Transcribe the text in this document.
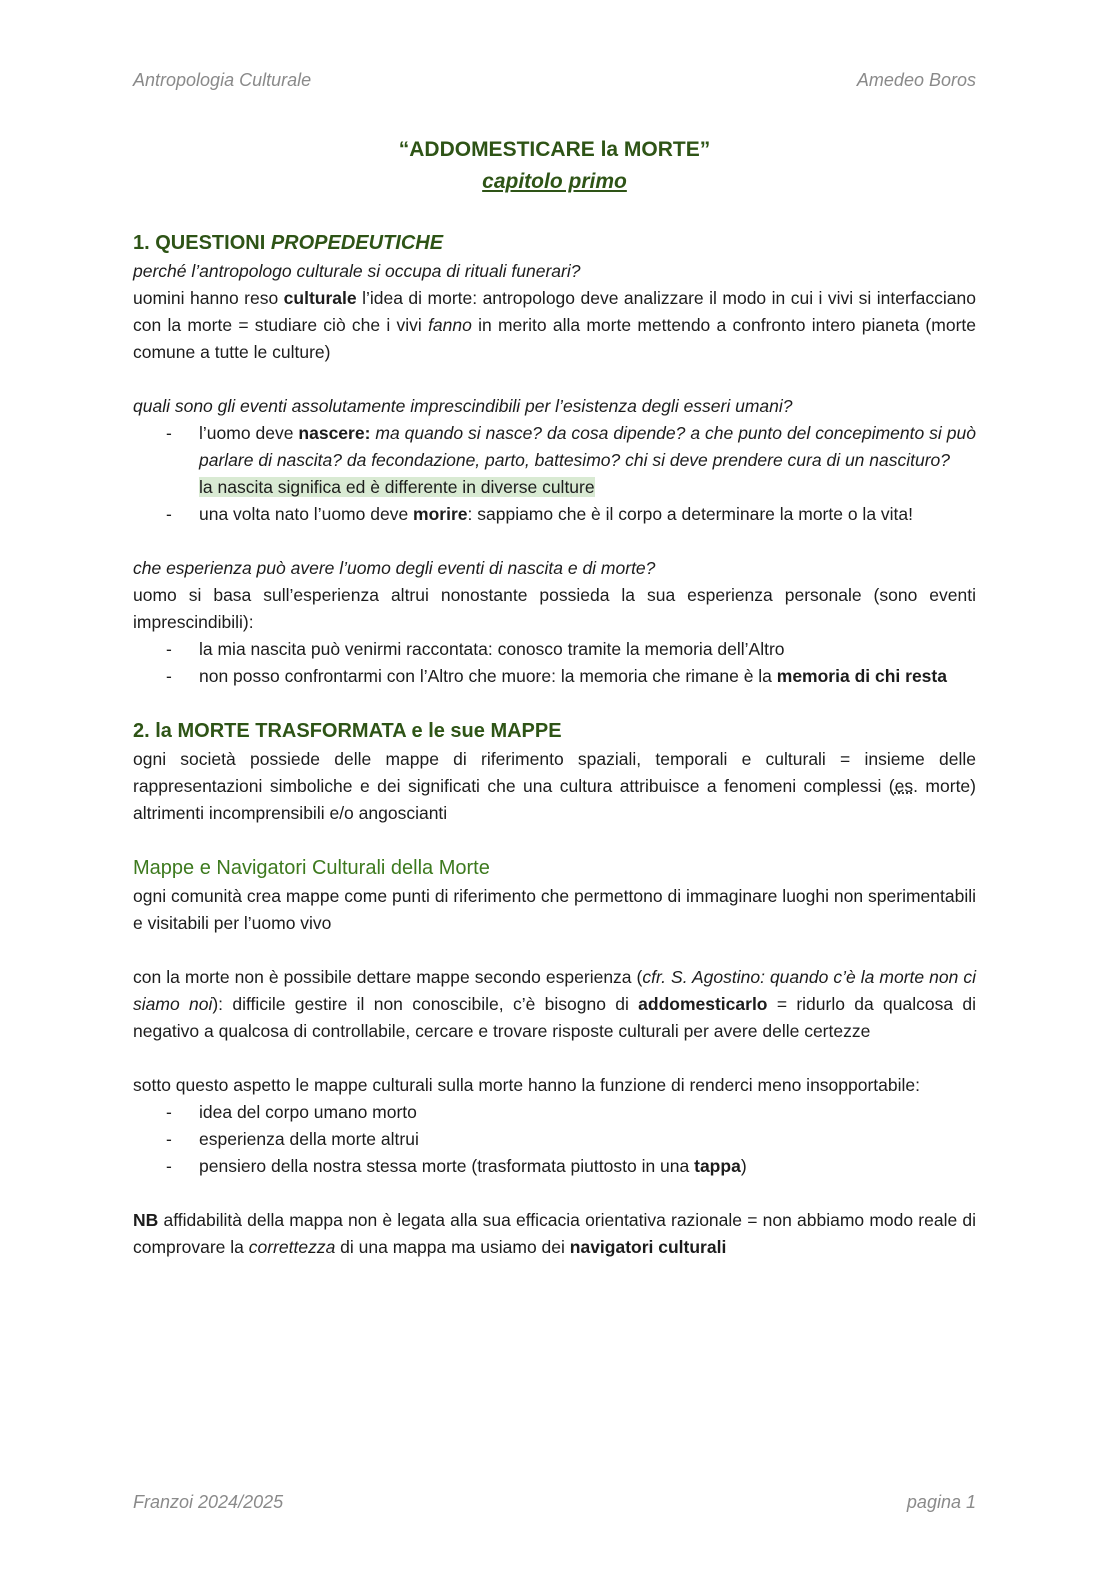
Antropologia Culturale	Amedeo Boros
“ADDOMESTICARE la MORTE”
capitolo primo
1. QUESTIONI PROPEDEUTICHE

perché l’antropologo culturale si occupa di rituali funerari?

uomini hanno reso culturale l’idea di morte: antropologo deve analizzare il modo in cui i vivi si interfacciano con la morte = studiare ciò che i vivi fanno in merito alla morte mettendo a confronto intero pianeta (morte comune a tutte le culture)

quali sono gli eventi assolutamente imprescindibili per l’esistenza degli esseri umani?

- l’uomo deve nascere: ma quando si nasce? da cosa dipende? a che punto del concepimento si può parlare di nascita? da fecondazione, parto, battesimo? chi si deve prendere cura di un nascituro?
la nascita significa ed è differente in diverse culture
- una volta nato l’uomo deve morire: sappiamo che è il corpo a determinare la morte o la vita!

che esperienza può avere l’uomo degli eventi di nascita e di morte?

uomo si basa sull’esperienza altrui nonostante possieda la sua esperienza personale (sono eventi imprescindibili):

- la mia nascita può venirmi raccontata: conosco tramite la memoria dell’Altro
- non posso confrontarmi con l’Altro che muore: la memoria che rimane è la memoria di chi resta
2. la MORTE TRASFORMATA e le sue MAPPE

ogni società possiede delle mappe di riferimento spaziali, temporali e culturali = insieme delle rappresentazioni simboliche e dei significati che una cultura attribuisce a fenomeni complessi (es. morte) altrimenti incomprensibili e/o angoscianti

Mappe e Navigatori Culturali della Morte

ogni comunità crea mappe come punti di riferimento che permettono di immaginare luoghi non sperimentabili e visitabili per l’uomo vivo

con la morte non è possibile dettare mappe secondo esperienza (cfr. S. Agostino: quando c’è la morte non ci siamo noi): difficile gestire il non conoscibile, c’è bisogno di addomesticarlo = ridurlo da qualcosa di negativo a qualcosa di controllabile, cercare e trovare risposte culturali per avere delle certezze

sotto questo aspetto le mappe culturali sulla morte hanno la funzione di renderci meno insopportabile:

- idea del corpo umano morto
- esperienza della morte altrui
- pensiero della nostra stessa morte (trasformata piuttosto in una tappa)

NB affidabilità della mappa non è legata alla sua efficacia orientativa razionale = non abbiamo modo reale di comprovare la correttezza di una mappa ma usiamo dei navigatori culturali

Franzoi 2024/2025	pagina 1
